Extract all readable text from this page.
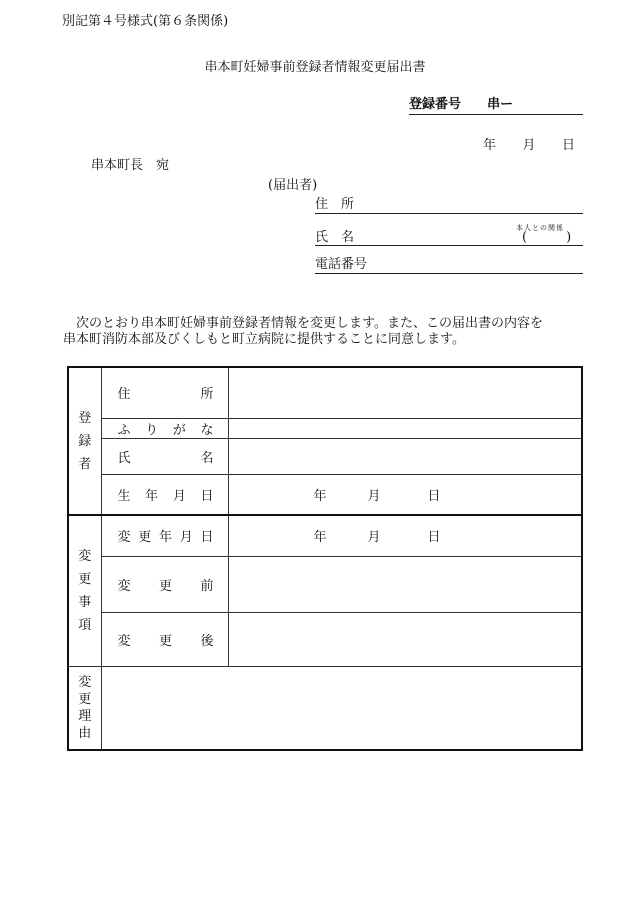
別記第４号様式(第６条関係)
串本町妊婦事前登録者情報変更届出書
登録番号 串ー
年 月 日
串本町長　宛
(届出者)
住　所
氏　名
本人との関係
(　　　)
電話番号
次のとおり串本町妊婦事前登録者情報を変更します。また、この届出書の内容を
串本町消防本部及びくしもと町立病院に提供することに同意します。
登
録
者	住 所	

	ふ り が な	

	氏 名	

	生 年 月 日	年 月 日

変
更
事
項	変 更 年 月 日	年 月 日

	変 更 前	

	変 更 後	

変
更
理
由		
